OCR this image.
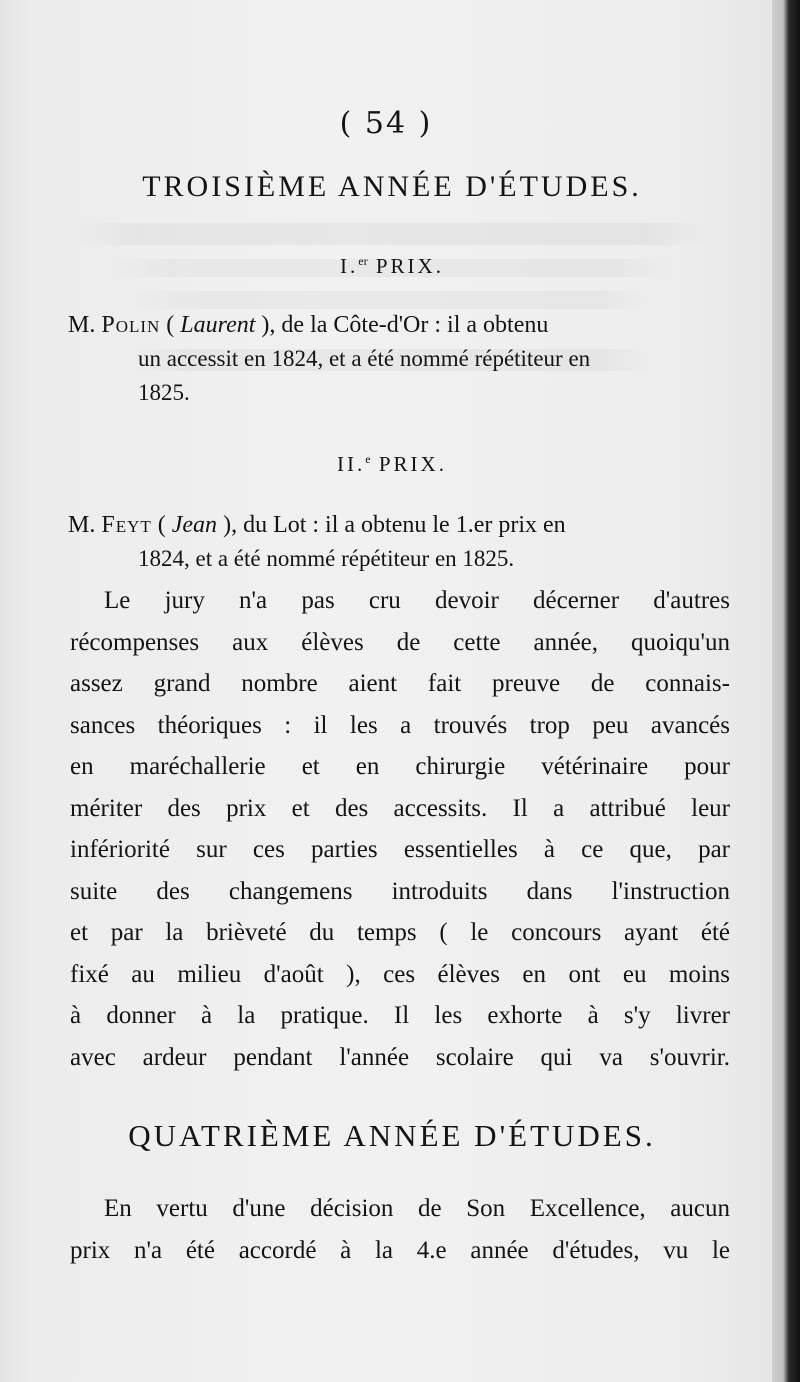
( 54 )
TROISIÈME ANNÉE D'ÉTUDES.
I.$^{er}$ PRIX.
M. Polin ( Laurent ), de la Côte-d'Or : il a obtenu
un accessit en 1824, et a été nommé répétiteur en
1825.
II.$^e$ PRIX.
M. Feyt ( Jean ), du Lot : il a obtenu le 1.er prix en
1824, et a été nommé répétiteur en 1825.
Le jury n'a pas cru devoir décerner d'autres
récompenses aux élèves de cette année, quoiqu'un
assez grand nombre aient fait preuve de connais-
sances théoriques : il les a trouvés trop peu avancés
en maréchallerie et en chirurgie vétérinaire pour
mériter des prix et des accessits. Il a attribué leur
infériorité sur ces parties essentielles à ce que, par
suite des changemens introduits dans l'instruction
et par la brièveté du temps ( le concours ayant été
fixé au milieu d'août ), ces élèves en ont eu moins
à donner à la pratique. Il les exhorte à s'y livrer
avec ardeur pendant l'année scolaire qui va s'ouvrir.
QUATRIÈME ANNÉE D'ÉTUDES.
En vertu d'une décision de Son Excellence, aucun
prix n'a été accordé à la 4.e année d'études, vu le
